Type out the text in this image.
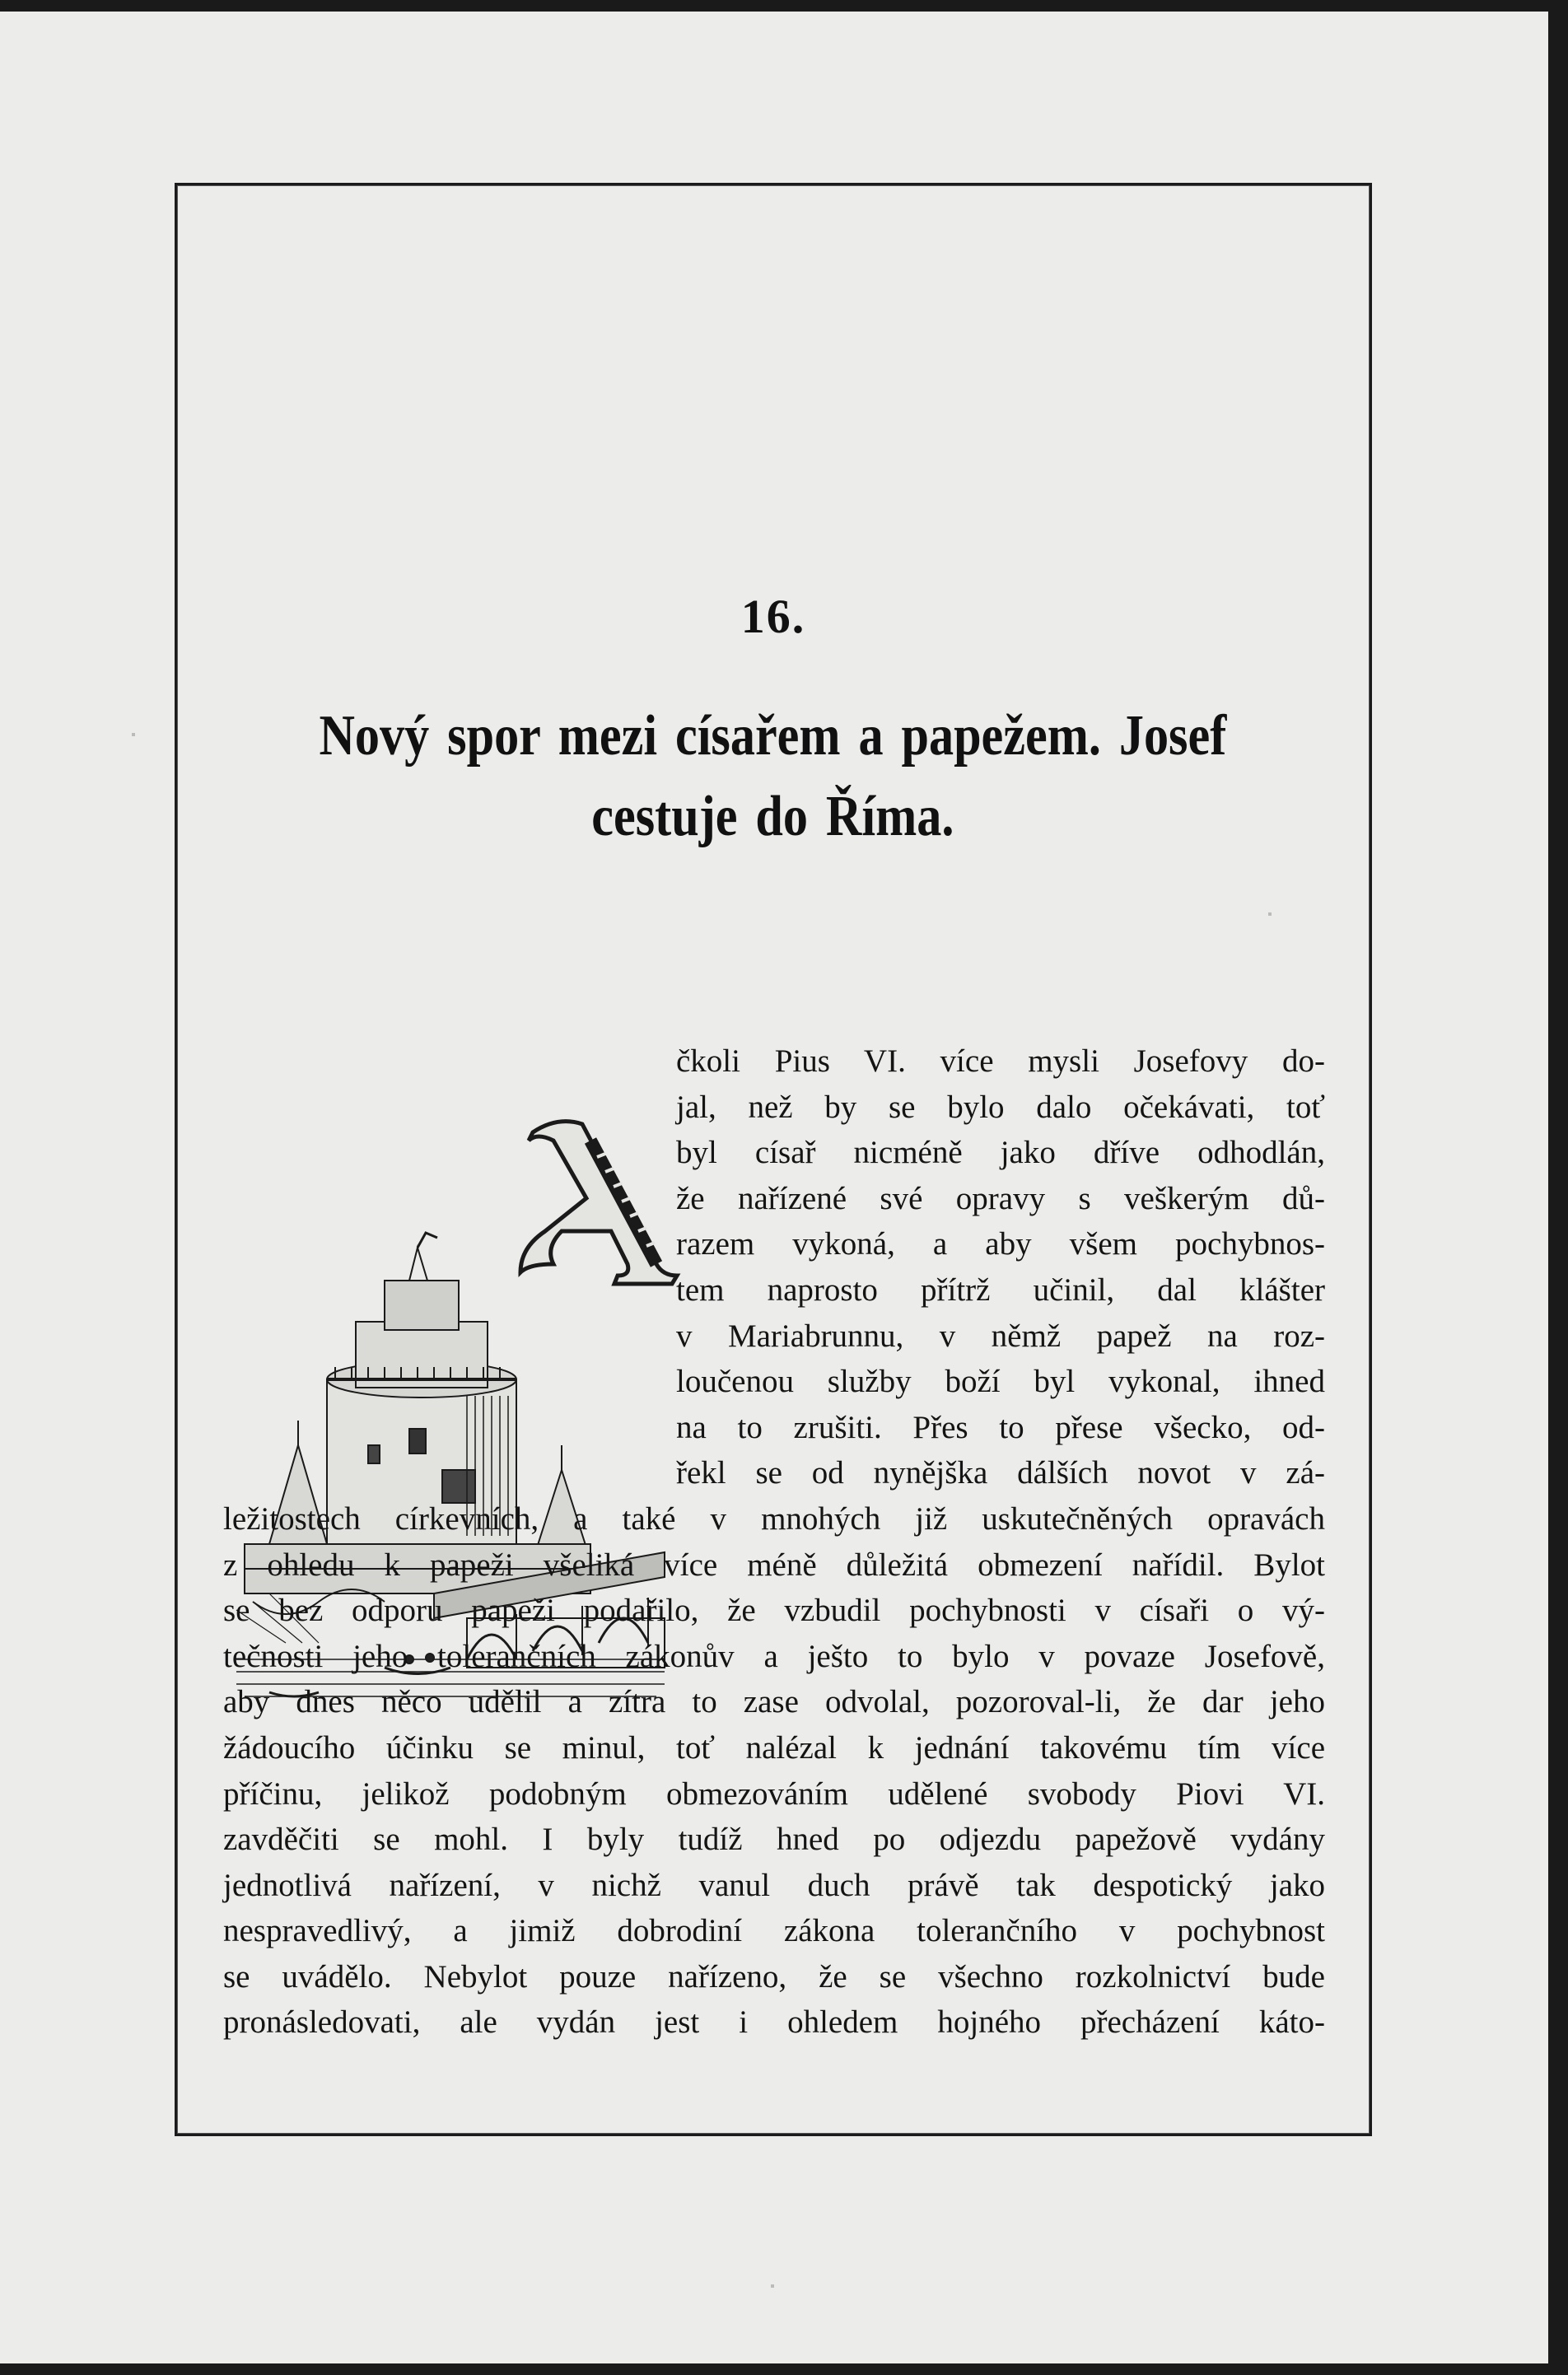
16.
Nový spor mezi císařem a papežem. Josef
cestuje do Říma.
čkoli Pius VI. více mysli Josefovy do-
jal, než by se bylo dalo očekávati, toť
byl císař nicméně jako dříve odhodlán,
že nařízené své opravy s veškerým dů-
razem vykoná, a aby všem pochybnos-
tem naprosto přítrž učinil, dal klášter
v Mariabrunnu, v němž papež na roz-
loučenou služby boží byl vykonal, ihned
na to zrušiti. Přes to přese všecko, od-
řekl se od nynějška dálších novot v zá-
ležitostech církevních, a také v mnohých již uskutečněných opravách
z ohledu k papeži všeliká více méně důležitá obmezení nařídil. Bylot
se bez odporu papeži podařilo, že vzbudil pochybnosti v císaři o vý-
tečnosti jeho tolerančních zákonův a ješto to bylo v povaze Josefově,
aby dnes něco udělil a zítra to zase odvolal, pozoroval-li, že dar jeho
žádoucího účinku se minul, toť nalézal k jednání takovému tím více
příčinu, jelikož podobným obmezováním udělené svobody Piovi VI.
zavděčiti se mohl. I byly tudíž hned po odjezdu papežově vydány
jednotlivá nařízení, v nichž vanul duch právě tak despotický jako
nespravedlivý, a jimiž dobrodiní zákona tolerančního v pochybnost
se uvádělo. Nebylot pouze nařízeno, že se všechno rozkolnictví bude
pronásledovati, ale vydán jest i ohledem hojného přecházení káto-
